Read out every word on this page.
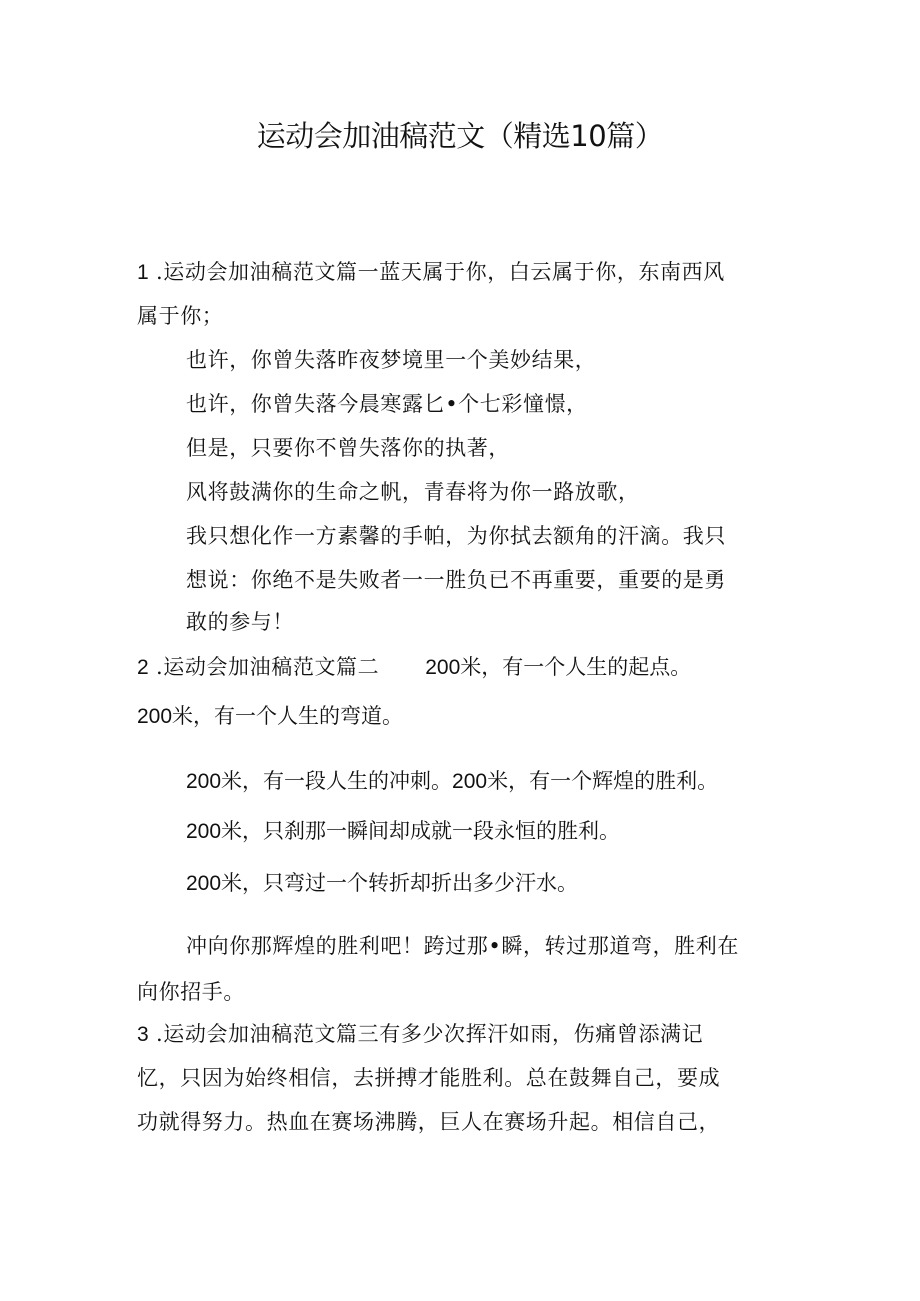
运动会加油稿范文（精选10篇）
1 .运动会加油稿范文篇一蓝天属于你，白云属于你，东南西风
属于你；
也许，你曾失落昨夜梦境里一个美妙结果，
也许，你曾失落今晨寒露匕•个七彩憧憬，
但是，只要你不曾失落你的执著，
风将鼓满你的生命之帆，青春将为你一路放歌，
我只想化作一方素馨的手帕，为你拭去额角的汗滴。我只
想说：你绝不是失败者一一胜负已不再重要，重要的是勇
敢的参与！
2 .运动会加油稿范文篇二 200米，有一个人生的起点。
200米，有一个人生的弯道。
200米，有一段人生的冲刺。200米，有一个辉煌的胜利。
200米，只刹那一瞬间却成就一段永恒的胜利。
200米，只弯过一个转折却折出多少汗水。
冲向你那辉煌的胜利吧！跨过那•瞬，转过那道弯，胜利在
向你招手。
3 .运动会加油稿范文篇三有多少次挥汗如雨，伤痛曾添满记
忆，只因为始终相信，去拼搏才能胜利。总在鼓舞自己，要成
功就得努力。热血在赛场沸腾，巨人在赛场升起。相信自己，
